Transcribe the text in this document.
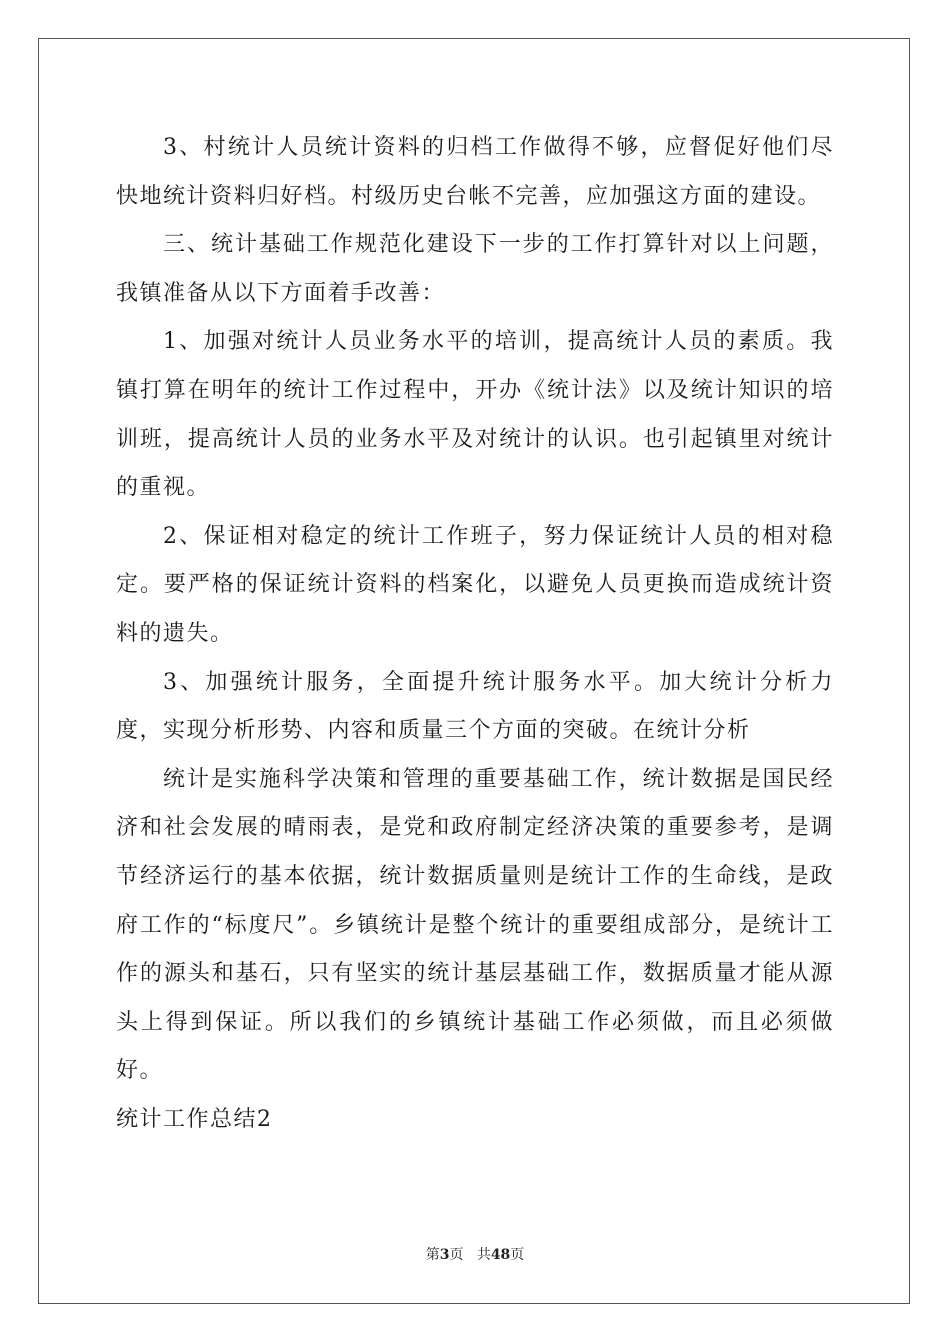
3、村统计人员统计资料的归档工作做得不够，应督促好他们尽快地统计资料归好档。村级历史台帐不完善，应加强这方面的建设。

三、统计基础工作规范化建设下一步的工作打算针对以上问题，我镇准备从以下方面着手改善：

1、加强对统计人员业务水平的培训，提高统计人员的素质。我镇打算在明年的统计工作过程中，开办《统计法》以及统计知识的培训班，提高统计人员的业务水平及对统计的认识。也引起镇里对统计的重视。

2、保证相对稳定的统计工作班子，努力保证统计人员的相对稳定。要严格的保证统计资料的档案化，以避免人员更换而造成统计资料的遗失。

3、加强统计服务，全面提升统计服务水平。加大统计分析力度，实现分析形势、内容和质量三个方面的突破。在统计分析

统计是实施科学决策和管理的重要基础工作，统计数据是国民经济和社会发展的晴雨表，是党和政府制定经济决策的重要参考，是调节经济运行的基本依据，统计数据质量则是统计工作的生命线，是政府工作的“标度尺”。乡镇统计是整个统计的重要组成部分，是统计工作的源头和基石，只有坚实的统计基层基础工作，数据质量才能从源头上得到保证。所以我们的乡镇统计基础工作必须做，而且必须做好。

统计工作总结2

第3页 共48页
